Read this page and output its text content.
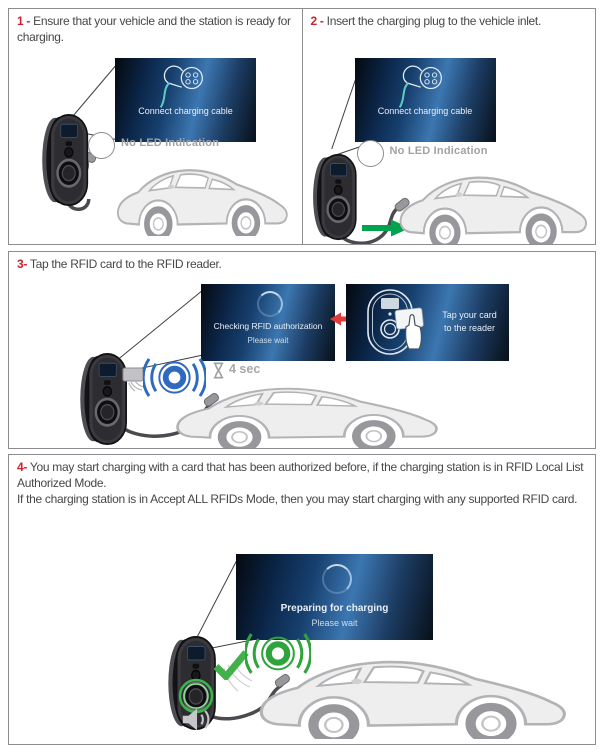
1 - Ensure that your vehicle and the station is ready for charging.
Connect charging cable
No LED Indication
2 - Insert the charging plug to the vehicle inlet.
Connect charging cable
No LED Indication
3- Tap the RFID card to the RFID reader.
Checking RFID authorization
Please wait
Tap your card
to the reader
4 sec
4- You may start charging with a card that has been authorized before, if the charging station is in RFID Local List Authorized Mode.
If the charging station is in Accept ALL RFIDs Mode, then you may start charging with any supported RFID card.
Preparing for charging
Please wait
